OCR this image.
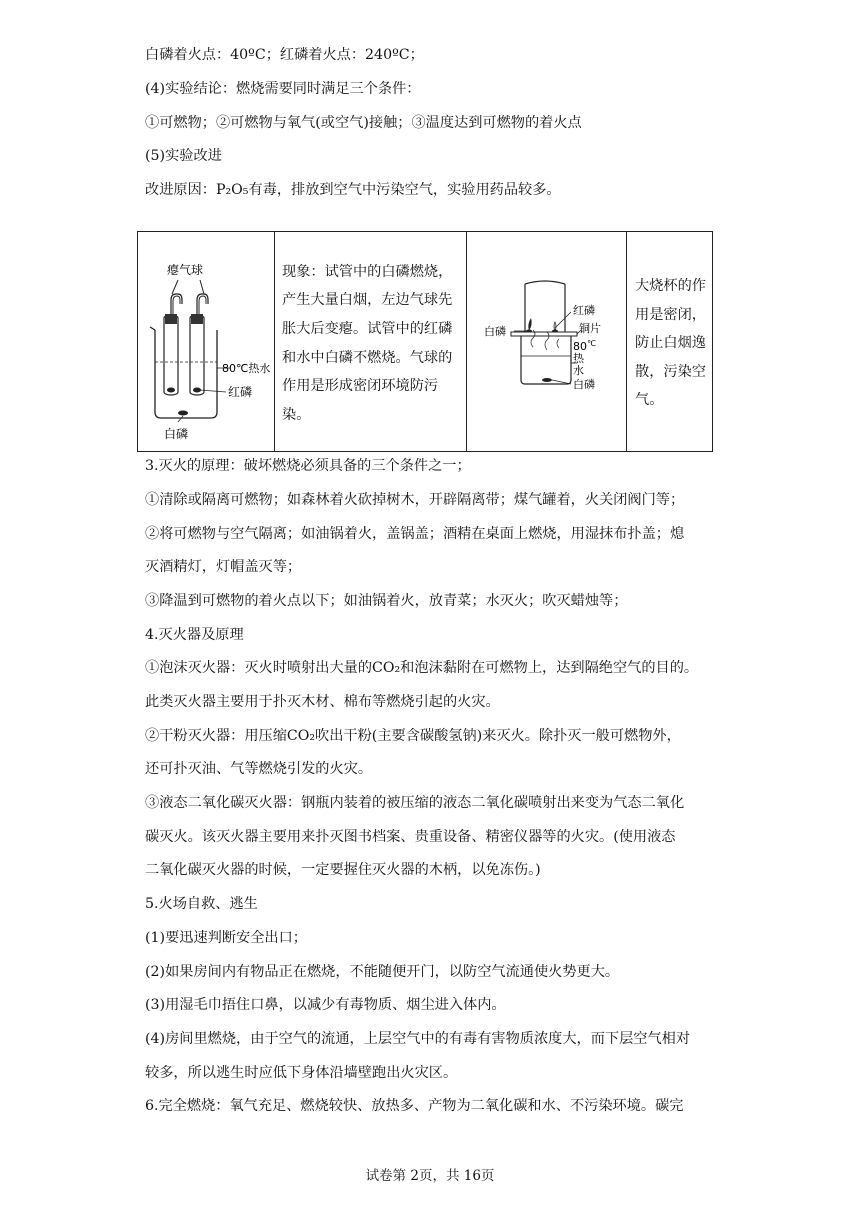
白磷着火点：40ºC；红磷着火点：240ºC；
(4)实验结论：燃烧需要同时满足三个条件：
①可燃物；②可燃物与氧气(或空气)接触；③温度达到可燃物的着火点
(5)实验改进
改进原因：P₂O₅有毒，排放到空气中污染空气，实验用药品较多。
瘪气球
80℃热水
红磷
白磷

现象：试管中的白磷燃烧，
产生大量白烟，左边气球先
胀大后变瘪。试管中的红磷
和水中白磷不燃烧。气球的
作用是形成密闭环境防污
染。

红磷
铜片
白磷
80 ℃
热
水
白磷

大烧杯的作
用是密闭，
防止白烟逸
散，污染空
气。
3.灭火的原理：破坏燃烧必须具备的三个条件之一；
①清除或隔离可燃物；如森林着火砍掉树木，开辟隔离带；煤气罐着，火关闭阀门等；
②将可燃物与空气隔离；如油锅着火，盖锅盖；酒精在桌面上燃烧，用湿抹布扑盖；熄
灭酒精灯，灯帽盖灭等；
③降温到可燃物的着火点以下；如油锅着火，放青菜；水灭火；吹灭蜡烛等；
4.灭火器及原理
①泡沫灭火器：灭火时喷射出大量的CO₂和泡沫黏附在可燃物上，达到隔绝空气的目的。
此类灭火器主要用于扑灭木材、棉布等燃烧引起的火灾。
②干粉灭火器：用压缩CO₂吹出干粉(主要含碳酸氢钠)来灭火。除扑灭一般可燃物外，
还可扑灭油、气等燃烧引发的火灾。
③液态二氧化碳灭火器：钢瓶内装着的被压缩的液态二氧化碳喷射出来变为气态二氧化
碳灭火。该灭火器主要用来扑灭图书档案、贵重设备、精密仪器等的火灾。(使用液态
二氧化碳灭火器的时候，一定要握住灭火器的木柄，以免冻伤。)
5.火场自救、逃生
(1)要迅速判断安全出口；
(2)如果房间内有物品正在燃烧，不能随便开门，以防空气流通使火势更大。
(3)用湿毛巾捂住口鼻，以减少有毒物质、烟尘进入体内。
(4)房间里燃烧，由于空气的流通，上层空气中的有毒有害物质浓度大，而下层空气相对
较多，所以逃生时应低下身体沿墙壁跑出火灾区。
6.完全燃烧：氧气充足、燃烧较快、放热多、产物为二氧化碳和水、不污染环境。碳完
试卷第 2页，共 16页
